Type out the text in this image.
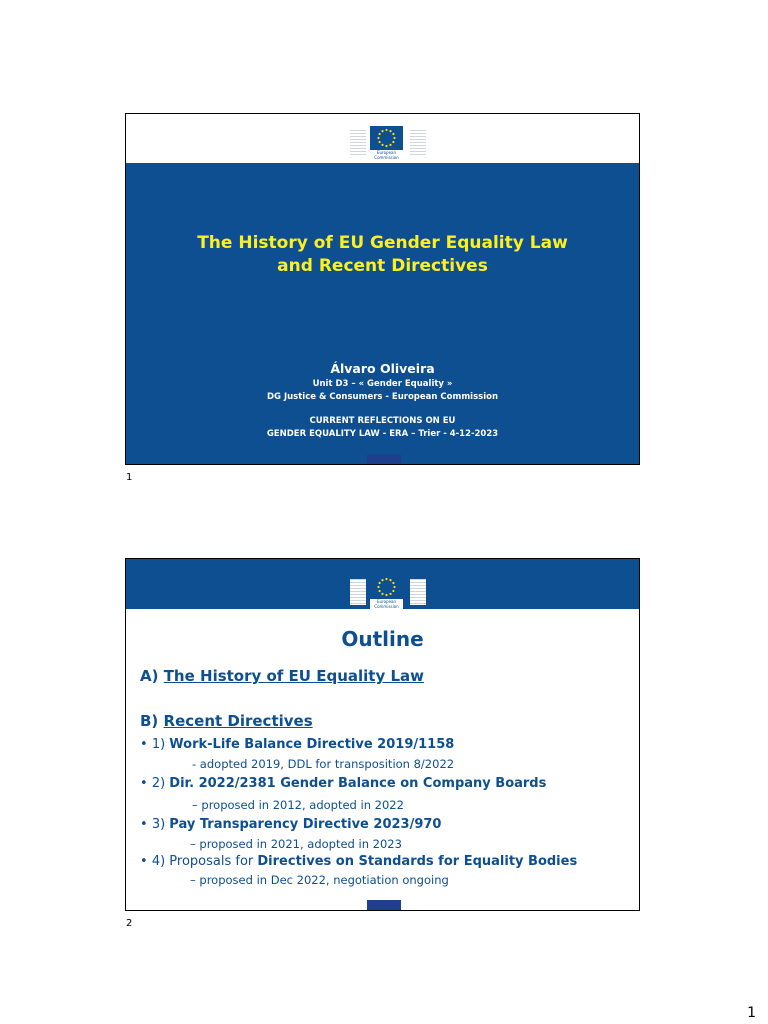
European
Commission
The History of EU Gender Equality Law
and Recent Directives
Álvaro Oliveira
Unit D3 – « Gender Equality »
DG Justice & Consumers - European Commission
CURRENT REFLECTIONS ON EU
GENDER EQUALITY LAW - ERA – Trier - 4-12-2023
1
European
Commission
Outline
A) The History of EU Equality Law
B) Recent Directives
• 1) Work-Life Balance Directive 2019/1158
- adopted 2019, DDL for transposition 8/2022
• 2) Dir. 2022/2381 Gender Balance on Company Boards
– proposed in 2012, adopted in 2022
• 3) Pay Transparency Directive 2023/970
– proposed in 2021, adopted in 2023
• 4) Proposals for Directives on Standards for Equality Bodies
– proposed in Dec 2022, negotiation ongoing
2
1
